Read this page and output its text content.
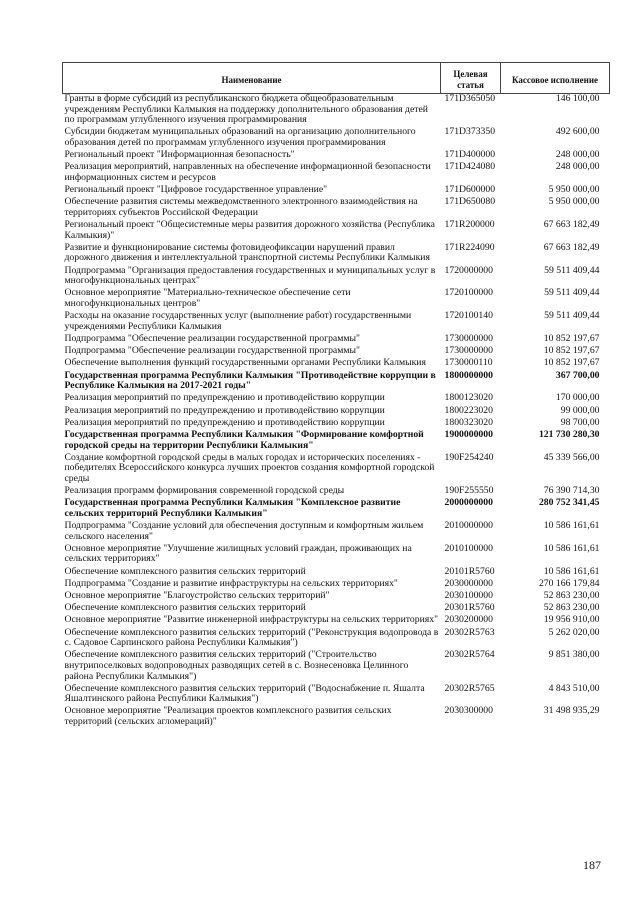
Наименование	Целевая статья	Кассовое исполнение
Гранты в форме субсидий из республиканского бюджета общеобразовательным учреждениям Республики Калмыкия на поддержку дополнительного образования детей по программам углубленного изучения программирования	171D365050	146 100,00
Субсидии бюджетам муниципальных образований на организацию дополнительного образования детей по программам углубленного изучения программирования	171D373350	492 600,00
Региональный проект "Информационная безопасность"	171D400000	248 000,00
Реализация мероприятий, направленных на обеспечение информационной безопасности информационных систем и ресурсов	171D424080	248 000,00
Региональный проект "Цифровое государственное управление"	171D600000	5 950 000,00
Обеспечение развития системы межведомственного электронного взаимодействия на территориях субъектов Российской Федерации	171D650080	5 950 000,00
Региональный проект "Общесистемные меры развития дорожного хозяйства (Республика Калмыкия)"	171R200000	67 663 182,49
Развитие и функционирование системы фотовидеофиксации нарушений правил дорожного движения и интеллектуальной транспортной системы Республики Калмыкия	171R224090	67 663 182,49
Подпрограмма "Организация предоставления государственных и муниципальных услуг в многофункциональных центрах"	1720000000	59 511 409,44
Основное мероприятие "Материально-техническое обеспечение сети многофункциональных центров"	1720100000	59 511 409,44
Расходы на оказание государственных услуг (выполнение работ) государственными учреждениями Республики Калмыкия	1720100140	59 511 409,44
Подпрограмма "Обеспечение реализации государственной программы"	1730000000	10 852 197,67
Подпрограмма "Обеспечение реализации государственной программы"	1730000000	10 852 197,67
Обеспечение выполнения функций государственными органами Республики Калмыкия	1730000110	10 852 197,67
Государственная программа Республики Калмыкия "Противодействие коррупции в Республике Калмыкия на 2017-2021 годы"	1800000000	367 700,00
Реализация мероприятий по предупреждению и противодействию коррупции	1800123020	170 000,00
Реализация мероприятий по предупреждению и противодействию коррупции	1800223020	99 000,00
Реализация мероприятий по предупреждению и противодействию коррупции	1800323020	98 700,00
Государственная программа Республики Калмыкия "Формирование комфортной городской среды на территории Республики Калмыкия"	1900000000	121 730 280,30
Создание комфортной городской среды в малых городах и исторических поселениях - победителях Всероссийского конкурса лучших проектов создания комфортной городской среды	190F254240	45 339 566,00
Реализация программ формирования современной городской среды	190F255550	76 390 714,30
Государственная программа Республики Калмыкия "Комплексное развитие сельских территорий Республики Калмыкия"	2000000000	280 752 341,45
Подпрограмма "Создание условий для обеспечения доступным и комфортным жильем сельского населения"	2010000000	10 586 161,61
Основное мероприятие "Улучшение жилищных условий граждан, проживающих на сельских территориях"	2010100000	10 586 161,61
Обеспечение комплексного развития сельских территорий	20101R5760	10 586 161,61
Подпрограмма "Создание и развитие инфраструктуры на сельских территориях"	2030000000	270 166 179,84
Основное мероприятие "Благоустройство сельских территорий"	2030100000	52 863 230,00
Обеспечение комплексного развития сельских территорий	20301R5760	52 863 230,00
Основное мероприятие "Развитие инженерной инфраструктуры на сельских территориях"	2030200000	19 956 910,00
Обеспечение комплексного развития сельских территорий ("Реконструкция водопровода в с. Садовое Сарпинского района Республики Калмыкия")	20302R5763	5 262 020,00
Обеспечение комплексного развития сельских территорий ("Строительство внутрипоселковых водопроводных разводящих сетей в с. Вознесеновка Целинного района Республики Калмыкия")	20302R5764	9 851 380,00
Обеспечение комплексного развития сельских территорий ("Водоснабжение п. Яшалта Яшалтинского района Республики Калмыкия")	20302R5765	4 843 510,00
Основное мероприятие "Реализация проектов комплексного развития сельских территорий (сельских агломераций)"	2030300000	31 498 935,29
187
